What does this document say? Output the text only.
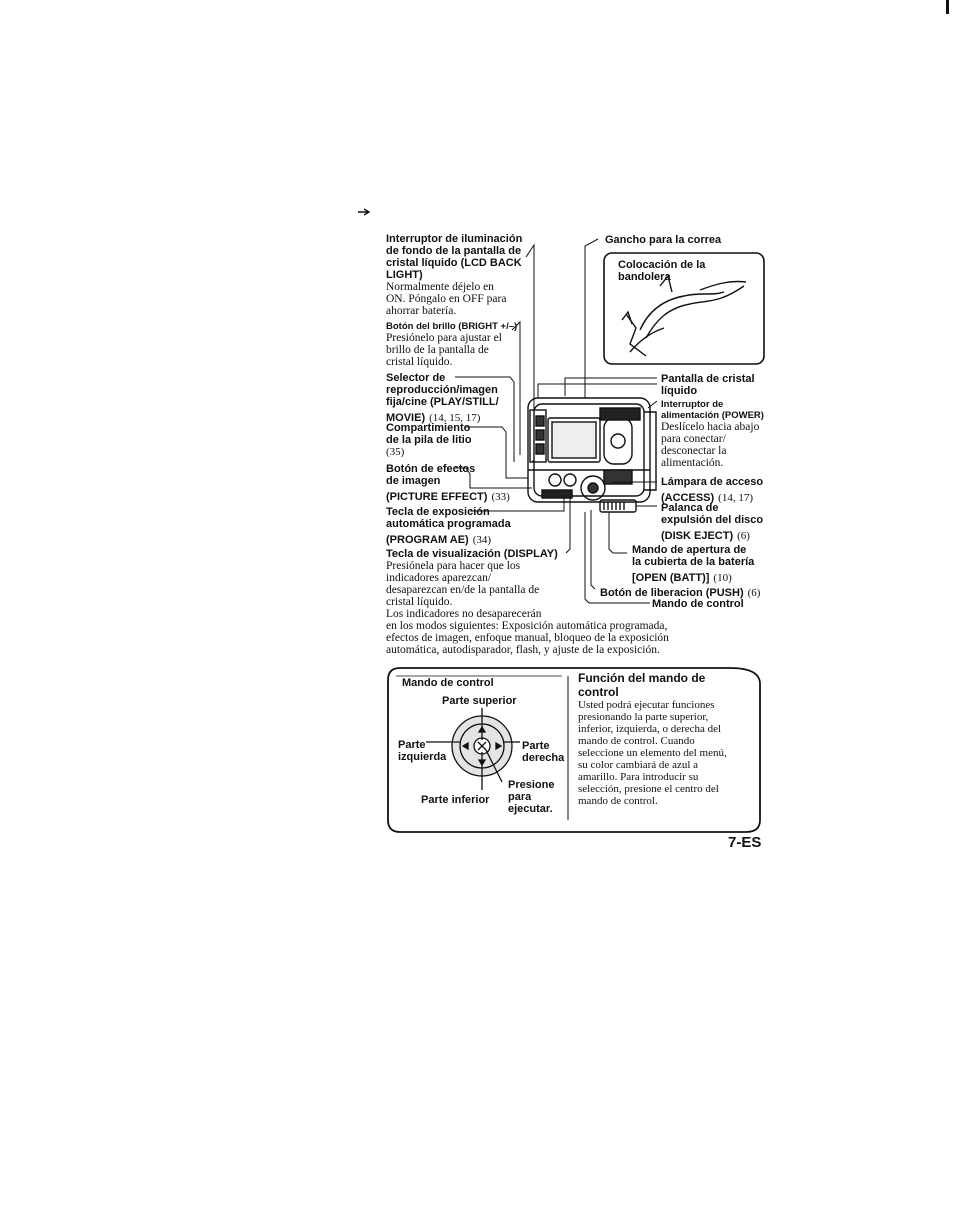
Interruptor de iluminación
de fondo de la pantalla de
cristal líquido (LCD BACK
LIGHT)
Normalmente déjelo en
ON. Póngalo en OFF para
ahorrar batería.
Botón del brillo (BRIGHT +/–)
Presiónelo para ajustar el
brillo de la pantalla de
cristal líquido.
Selector de
reproducción/imagen
fija/cine (PLAY/STILL/
MOVIE) (14, 15, 17)
Compartimiento
de la pila de litio
(35)
Botón de efectos
de imagen
(PICTURE EFFECT) (33)
Tecla de exposición
automática programada
(PROGRAM AE) (34)
Tecla de visualización (DISPLAY)
Presiónela para hacer que los
indicadores aparezcan/
desaparezcan en/de la pantalla de
cristal líquido.
Los indicadores no desaparecerán
en los modos siguientes: Exposición automática programada,
efectos de imagen, enfoque manual, bloqueo de la exposición
automática, autodisparador, flash, y ajuste de la exposición.
Gancho para la correa
Colocación de la
bandolera
Pantalla de cristal
líquido
Interruptor de
alimentación (POWER)
Deslícelo hacia abajo
para conectar/
desconectar la
alimentación.
Lámpara de acceso
(ACCESS) (14, 17)
Palanca de
expulsión del disco
(DISK EJECT) (6)
Mando de apertura de
la cubierta de la batería
[OPEN (BATT)] (10)
Botón de liberacion (PUSH) (6)
Mando de control
Mando de control
Parte superior
Parte
izquierda
Parte
derecha
Presione
para
ejecutar.
Parte inferior
Función del mando de
control
Usted podrá ejecutar funciones
presionando la parte superior,
inferior, izquierda, o derecha del
mando de control. Cuando
seleccione un elemento del menú,
su color cambiará de azul a
amarillo. Para introducir su
selección, presione el centro del
mando de control.
7-ES
